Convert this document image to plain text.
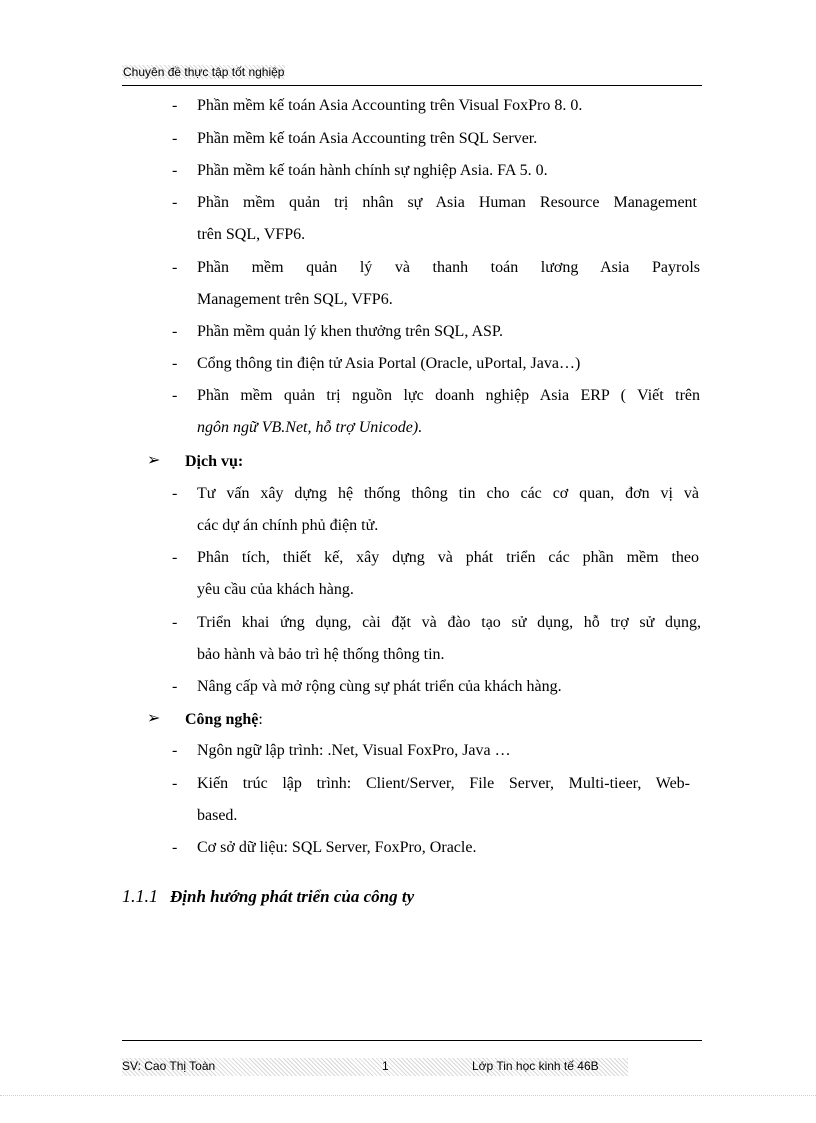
Chuyên đề thực tập tốt nghiệp
- Phần mềm kế toán Asia Accounting trên Visual FoxPro 8. 0.
- Phần mềm kế toán Asia Accounting trên SQL Server.
- Phần mềm kế toán hành chính sự nghiệp Asia. FA 5. 0.
- Phần mềm quản trị nhân sự Asia Human Resource Management
trên SQL, VFP6.
- Phần mềm quản lý và thanh toán lương Asia Payrols
Management trên SQL, VFP6.
- Phần mềm quản lý khen thưởng trên SQL, ASP.
- Cổng thông tin điện tử Asia Portal (Oracle, uPortal, Java…)
- Phần mềm quản trị nguồn lực doanh nghiệp Asia ERP ( Viết trên
ngôn ngữ VB.Net, hỗ trợ Unicode).
➢ Dịch vụ:
- Tư vấn xây dựng hệ thống thông tin cho các cơ quan, đơn vị và
các dự án chính phủ điện tử.
- Phân tích, thiết kế, xây dựng và phát triển các phần mềm theo
yêu cầu của khách hàng.
- Triển khai ứng dụng, cài đặt và đào tạo sử dụng, hỗ trợ sử dụng,
bảo hành và bảo trì hệ thống thông tin.
- Nâng cấp và mở rộng cùng sự phát triển của khách hàng.
➢ Công nghệ:
- Ngôn ngữ lập trình: .Net, Visual FoxPro, Java …
- Kiến trúc lập trình: Client/Server, File Server, Multi-tieer, Web-
based.
- Cơ sở dữ liệu: SQL Server, FoxPro, Oracle.
1.1.1 Định hướng phát triển của công ty
SV: Cao Thị Toàn	1	Lớp Tin học kinh tế 46B
